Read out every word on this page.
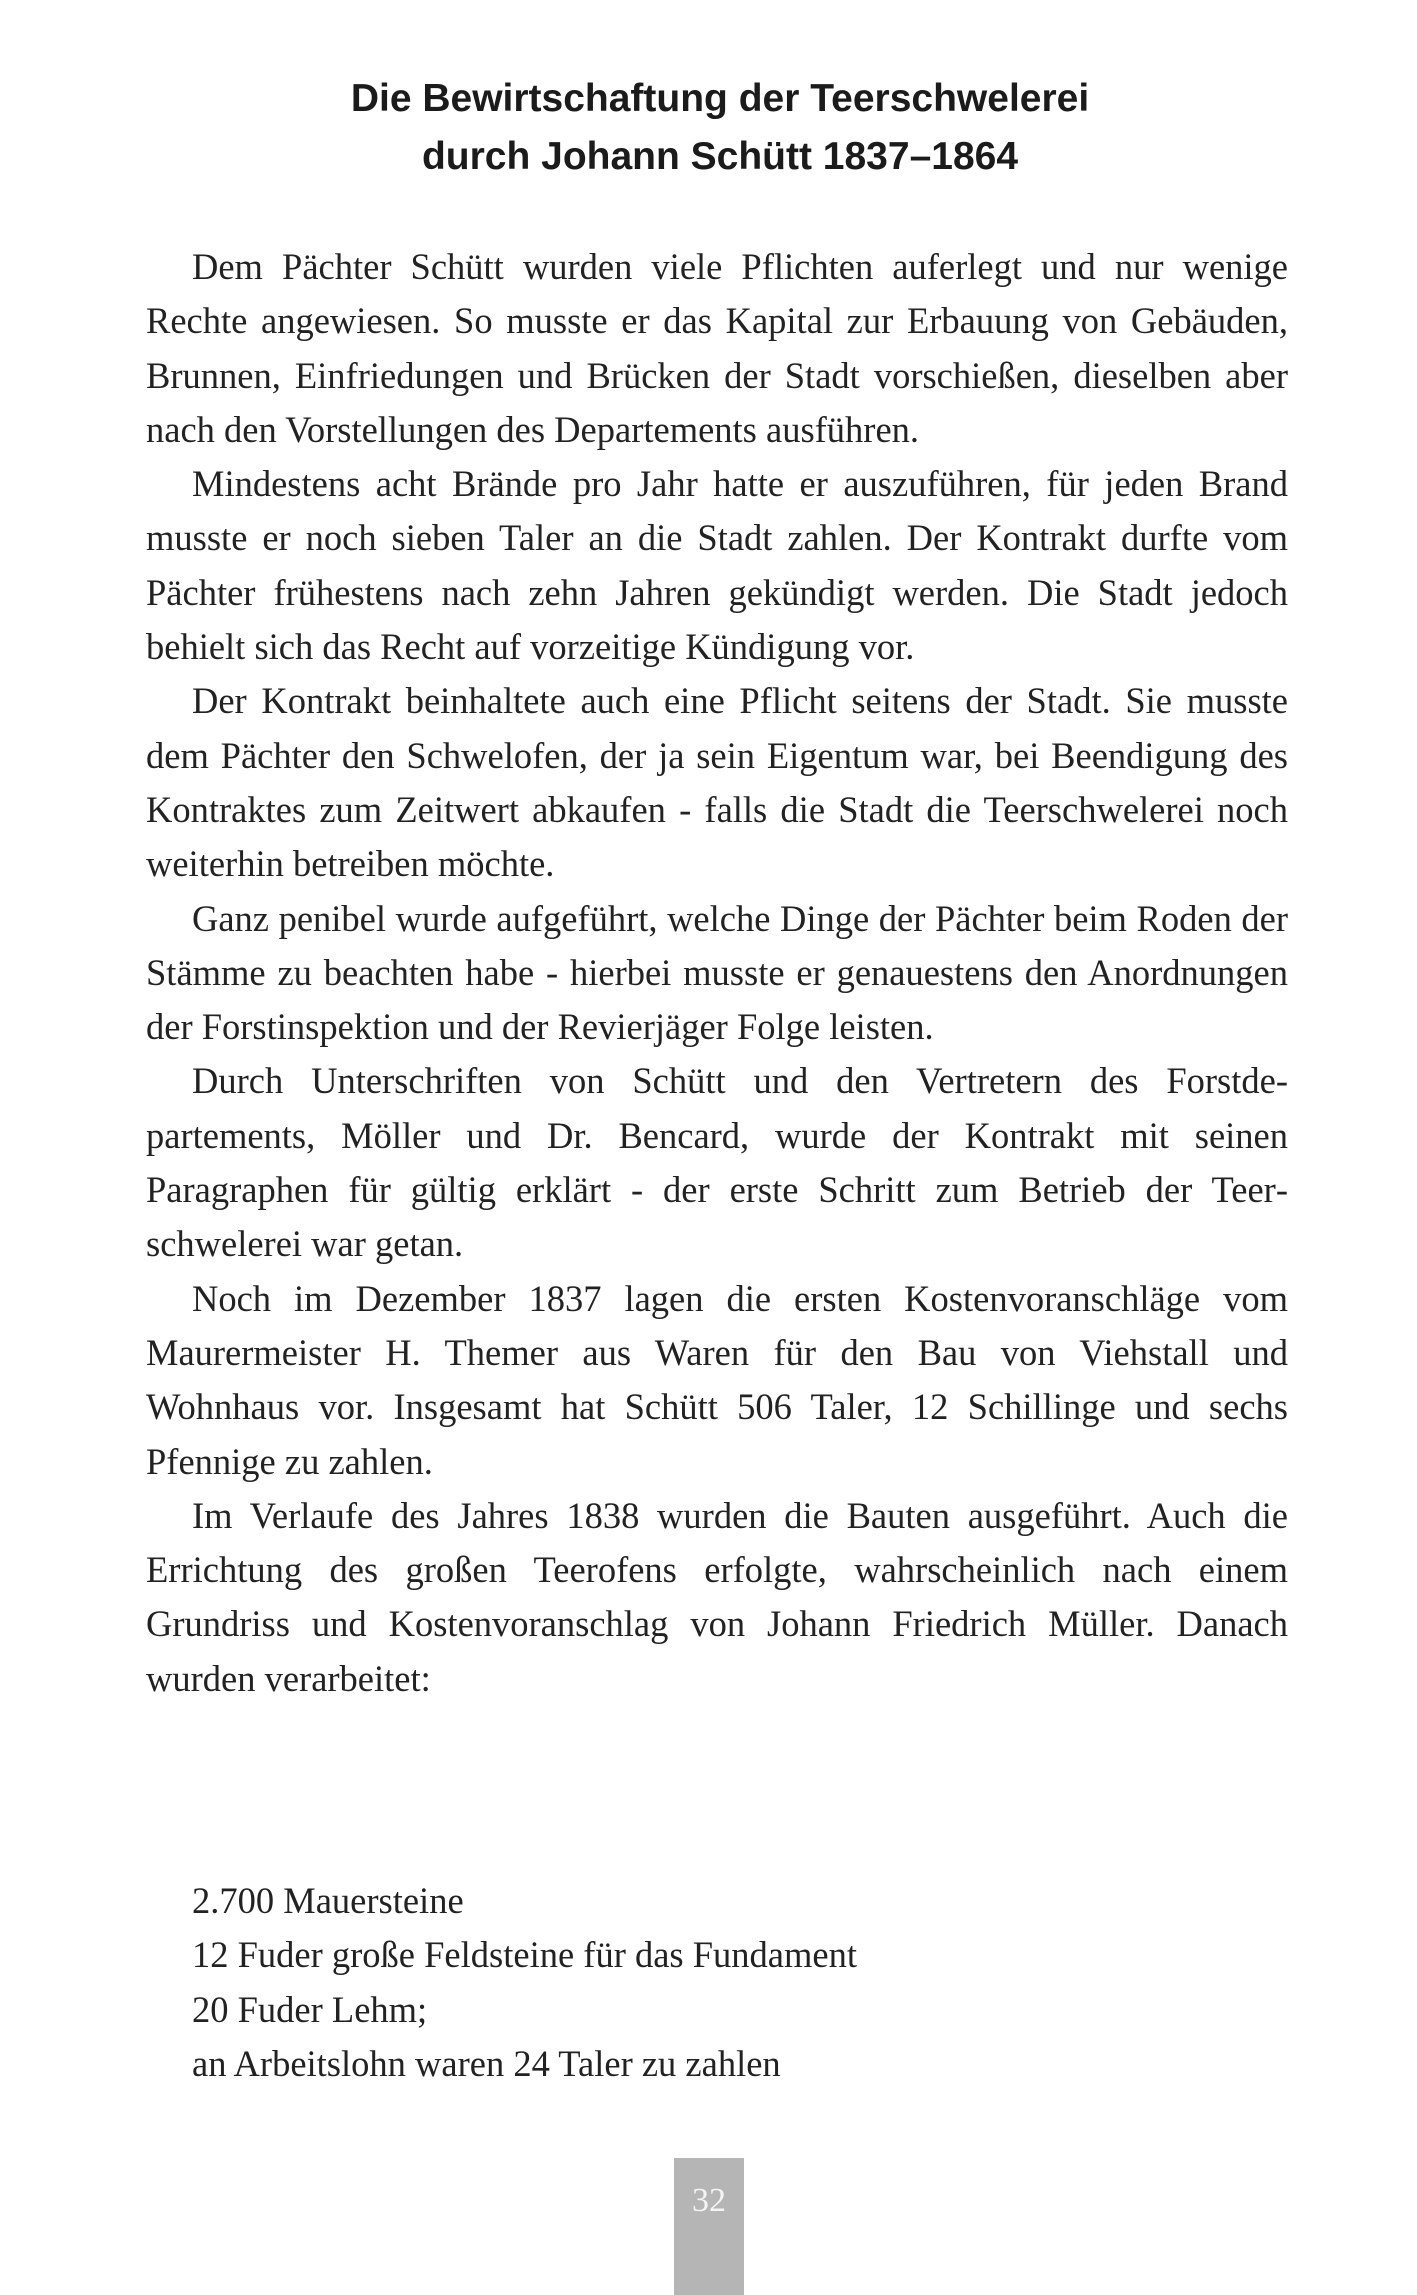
Die Bewirtschaftung der Teerschwelerei
durch Johann Schütt 1837–1864

Dem Pächter Schütt wurden viele Pflichten auferlegt und nur wenige Rechte angewiesen. So musste er das Kapital zur Erbauung von Gebäuden, Brunnen, Einfriedungen und Brücken der Stadt vorschießen, dieselben aber nach den Vorstellungen des Departements ausführen.

Mindestens acht Brände pro Jahr hatte er auszuführen, für jeden Brand musste er noch sieben Taler an die Stadt zahlen. Der Kontrakt durfte vom Pächter frühestens nach zehn Jahren gekündigt werden. Die Stadt jedoch behielt sich das Recht auf vorzeitige Kündigung vor.

Der Kontrakt beinhaltete auch eine Pflicht seitens der Stadt. Sie musste dem Pächter den Schwelofen, der ja sein Eigentum war, bei Beendigung des Kontraktes zum Zeitwert abkaufen - falls die Stadt die Teerschwelerei noch weiterhin betreiben möchte.

Ganz penibel wurde aufgeführt, welche Dinge der Pächter beim Roden der Stämme zu beachten habe - hierbei musste er genauestens den Anordnungen der Forstinspektion und der Revierjäger Folge leisten.

Durch Unterschriften von Schütt und den Vertretern des Forstdepartements, Möller und Dr. Bencard, wurde der Kontrakt mit seinen Paragraphen für gültig erklärt - der erste Schritt zum Betrieb der Teerschwelerei war getan.

Noch im Dezember 1837 lagen die ersten Kostenvoranschläge vom Maurermeister H. Themer aus Waren für den Bau von Viehstall und Wohnhaus vor. Insgesamt hat Schütt 506 Taler, 12 Schillinge und sechs Pfennige zu zahlen.

Im Verlaufe des Jahres 1838 wurden die Bauten ausgeführt. Auch die Errichtung des großen Teerofens erfolgte, wahrscheinlich nach einem Grundriss und Kostenvoranschlag von Johann Friedrich Müller. Danach wurden verarbeitet:

2.700 Mauersteine
12 Fuder große Feldsteine für das Fundament
20 Fuder Lehm;
an Arbeitslohn waren 24 Taler zu zahlen
32
